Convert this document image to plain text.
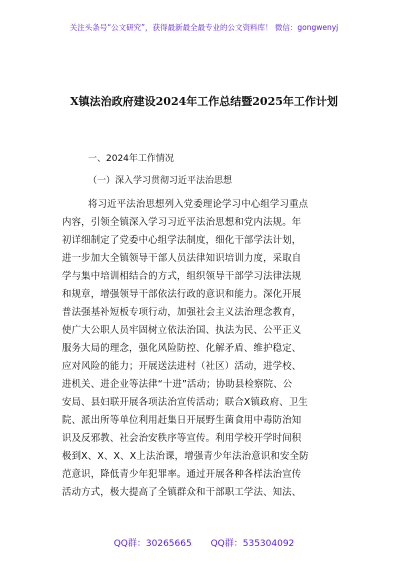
关注头条号“公文研究”，获得最新最全最专业的公文资料库！ 微信：gongwenyj
X镇法治政府建设2024年工作总结暨2025年工作计划
一、2024年工作情况
（一）深入学习贯彻习近平法治思想
将习近平法治思想列入党委理论学习中心组学习重点
内容，引领全镇深入学习习近平法治思想和党内法规。年
初详细制定了党委中心组学法制度，细化干部学法计划，
进一步加大全镇领导干部人员法律知识培训力度，采取自
学与集中培训相结合的方式，组织领导干部学习法律法规
和规章，增强领导干部依法行政的意识和能力。深化开展
普法强基补短板专项行动，加强社会主义法治理念教育，
使广大公职人员牢固树立依法治国、执法为民、公平正义
服务大局的理念，强化风险防控、化解矛盾、维护稳定、
应对风险的能力；开展送法进村（社区）活动，进学校、
进机关、进企业等法律“十进”活动；协助县检察院、公
安局、县妇联开展各项法治宣传活动；联合X镇政府、卫生
院、派出所等单位利用赶集日开展野生菌食用中毒防治知
识及反邪教、社会治安秩序等宣传。利用学校开学时间积
极到X、X、X、X上法治课，增强青少年法治意识和安全防
范意识，降低青少年犯罪率。通过开展各种各样法治宣传
活动方式，极大提高了全镇群众和干部职工学法、知法、
QQ群：30265665 QQ群：535304092
